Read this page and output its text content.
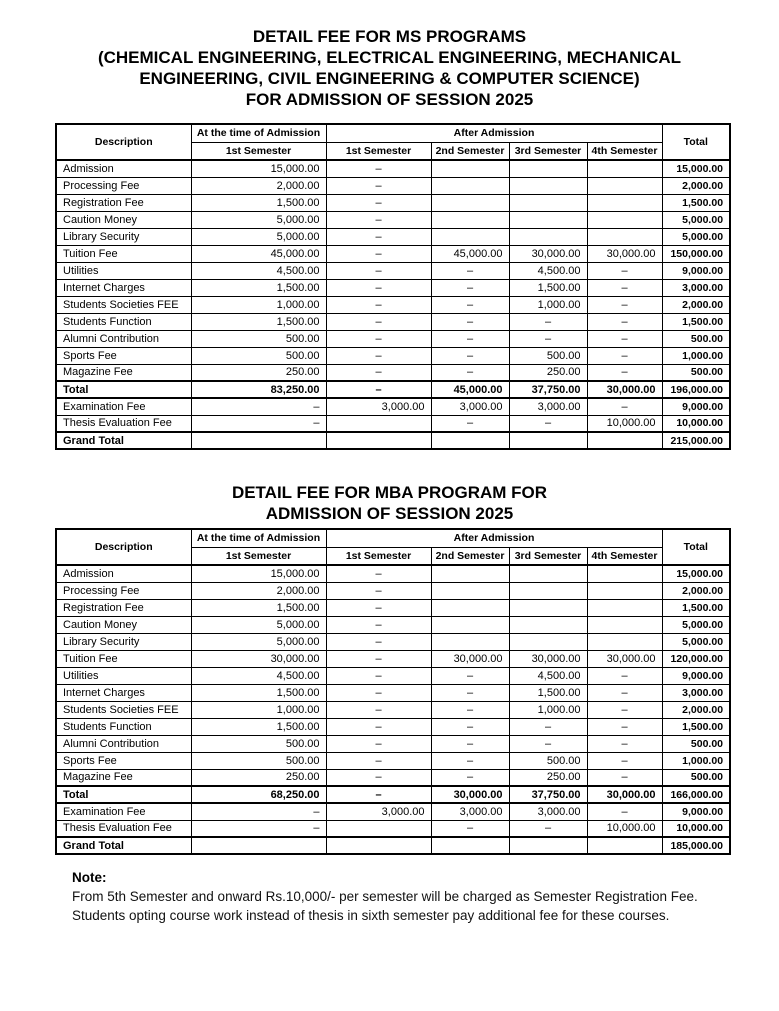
DETAIL FEE FOR MS PROGRAMS
(CHEMICAL ENGINEERING, ELECTRICAL ENGINEERING, MECHANICAL
ENGINEERING, CIVIL ENGINEERING & COMPUTER SCIENCE)
FOR ADMISSION OF SESSION 2025
Description	At the time of Admission	After Admission				Total
	1st Semester	1st Semester	2nd Semester	3rd Semester	4th Semester	
Admission	15,000.00	–				15,000.00
Processing Fee	2,000.00	–				2,000.00
Registration Fee	1,500.00	–				1,500.00
Caution Money	5,000.00	–				5,000.00
Library Security	5,000.00	–				5,000.00
Tuition Fee	45,000.00	–	45,000.00	30,000.00	30,000.00	150,000.00
Utilities	4,500.00	–	–	4,500.00	–	9,000.00
Internet Charges	1,500.00	–	–	1,500.00	–	3,000.00
Students Societies FEE	1,000.00	–	–	1,000.00	–	2,000.00
Students Function	1,500.00	–	–	–	–	1,500.00
Alumni Contribution	500.00	–	–	–	–	500.00
Sports Fee	500.00	–	–	500.00	–	1,000.00
Magazine Fee	250.00	–	–	250.00	–	500.00
Total	83,250.00	–	45,000.00	37,750.00	30,000.00	196,000.00
Examination Fee	–	3,000.00	3,000.00	3,000.00	–	9,000.00
Thesis Evaluation Fee	–		–	–	10,000.00	10,000.00
Grand Total						215,000.00
DETAIL FEE FOR MBA PROGRAM FOR
ADMISSION OF SESSION 2025
Description	At the time of Admission	After Admission				Total
	1st Semester	1st Semester	2nd Semester	3rd Semester	4th Semester	
Admission	15,000.00	–				15,000.00
Processing Fee	2,000.00	–				2,000.00
Registration Fee	1,500.00	–				1,500.00
Caution Money	5,000.00	–				5,000.00
Library Security	5,000.00	–				5,000.00
Tuition Fee	30,000.00	–	30,000.00	30,000.00	30,000.00	120,000.00
Utilities	4,500.00	–	–	4,500.00	–	9,000.00
Internet Charges	1,500.00	–	–	1,500.00	–	3,000.00
Students Societies FEE	1,000.00	–	–	1,000.00	–	2,000.00
Students Function	1,500.00	–	–	–	–	1,500.00
Alumni Contribution	500.00	–	–	–	–	500.00
Sports Fee	500.00	–	–	500.00	–	1,000.00
Magazine Fee	250.00	–	–	250.00	–	500.00
Total	68,250.00	–	30,000.00	37,750.00	30,000.00	166,000.00
Examination Fee	–	3,000.00	3,000.00	3,000.00	–	9,000.00
Thesis Evaluation Fee	–		–	–	10,000.00	10,000.00
Grand Total						185,000.00
Note:
From 5th Semester and onward Rs.10,000/- per semester will be charged as Semester Registration Fee.
Students opting course work instead of thesis in sixth semester pay additional fee for these courses.
